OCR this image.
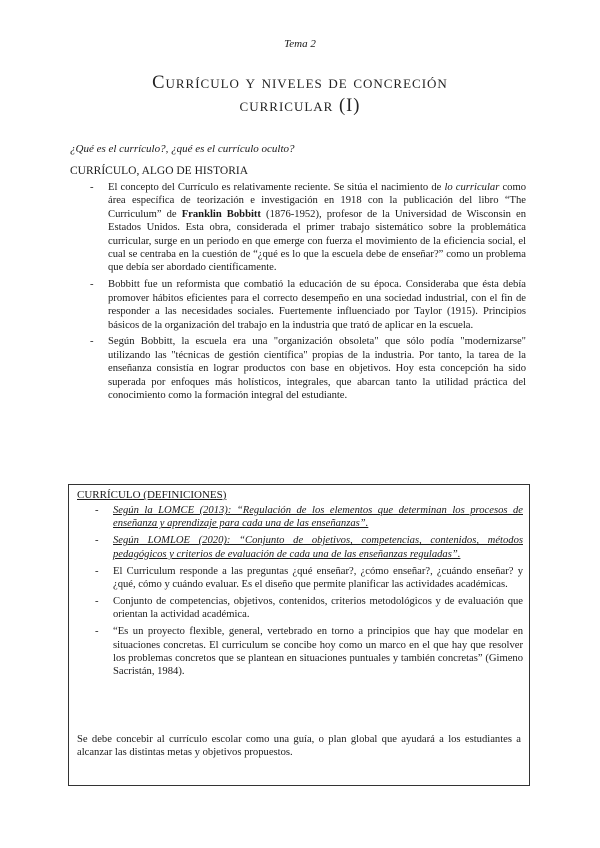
Tema 2
Currículo y niveles de concreción
curricular (I)
¿Qué es el currículo?, ¿qué es el currículo oculto?
CURRÍCULO, ALGO DE HISTORIA
- El concepto del Currículo es relativamente reciente. Se sitúa el nacimiento de lo curricular como área específica de teorización e investigación en 1918 con la publicación del libro “The Curriculum” de Franklin Bobbitt (1876-1952), profesor de la Universidad de Wisconsin en Estados Unidos. Esta obra, considerada el primer trabajo sistemático sobre la problemática curricular, surge en un periodo en que emerge con fuerza el movimiento de la eficiencia social, el cual se centraba en la cuestión de “¿qué es lo que la escuela debe de enseñar?” como un problema que debía ser abordado científicamente.
- Bobbitt fue un reformista que combatió la educación de su época. Consideraba que ésta debía promover hábitos eficientes para el correcto desempeño en una sociedad industrial, con el fin de responder a las necesidades sociales. Fuertemente influenciado por Taylor (1915). Principios básicos de la organización del trabajo en la industria que trató de aplicar en la escuela.
- Según Bobbitt, la escuela era una "organización obsoleta" que sólo podía "modernizarse" utilizando las "técnicas de gestión científica" propias de la industria. Por tanto, la tarea de la enseñanza consistía en lograr productos con base en objetivos. Hoy esta concepción ha sido superada por enfoques más holísticos, integrales, que abarcan tanto la utilidad práctica del conocimiento como la formación integral del estudiante.
CURRÍCULO (DEFINICIONES)
- Según la LOMCE (2013): “Regulación de los elementos que determinan los procesos de enseñanza y aprendizaje para cada una de las enseñanzas”.
- Según LOMLOE (2020): “Conjunto de objetivos, competencias, contenidos, métodos pedagógicos y criterios de evaluación de cada una de las enseñanzas reguladas”.
- El Curriculum responde a las preguntas ¿qué enseñar?, ¿cómo enseñar?, ¿cuándo enseñar? y ¿qué, cómo y cuándo evaluar. Es el diseño que permite planificar las actividades académicas.
- Conjunto de competencias, objetivos, contenidos, criterios metodológicos y de evaluación que orientan la actividad académica.
- “Es un proyecto flexible, general, vertebrado en torno a principios que hay que modelar en situaciones concretas. El curriculum se concibe hoy como un marco en el que hay que resolver los problemas concretos que se plantean en situaciones puntuales y también concretas” (Gimeno Sacristán, 1984).
Se debe concebir al currículo escolar como una guía, o plan global que ayudará a los estudiantes a alcanzar las distintas metas y objetivos propuestos.
